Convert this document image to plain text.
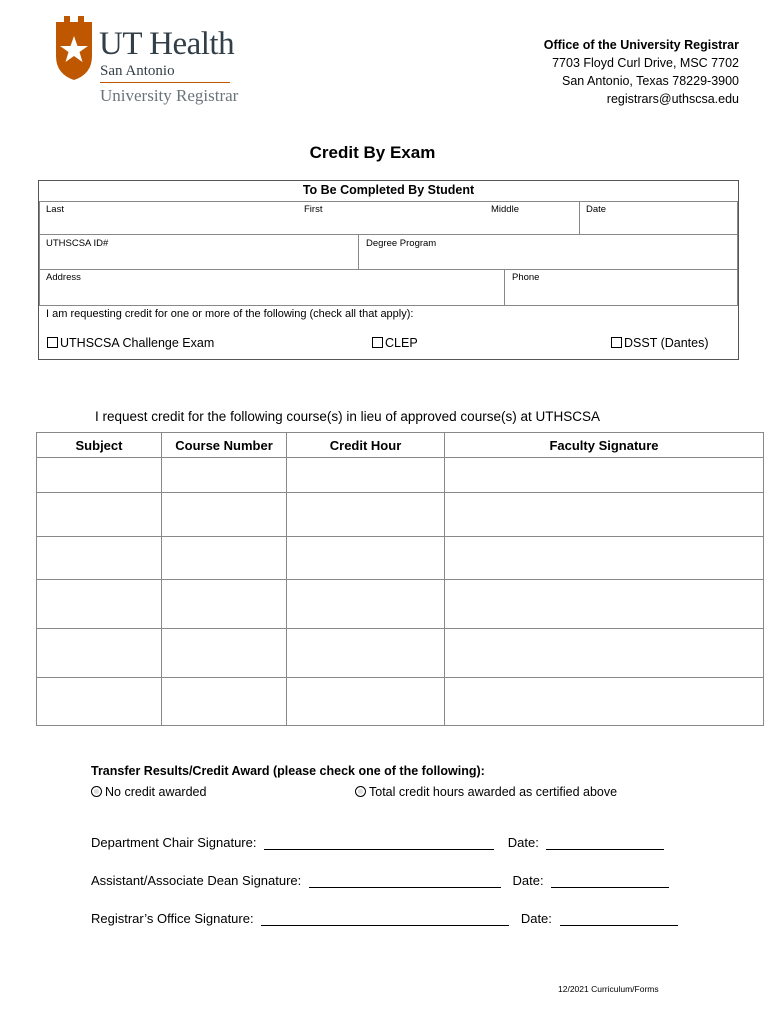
UT Health
San Antonio
University Registrar
Office of the University Registrar
7703 Floyd Curl Drive, MSC 7702
San Antonio, Texas 78229-3900
registrars@uthscsa.edu
Credit By Exam
To Be Completed By Student
Last	First	Middle	Date
UTHSCSA ID#	Degree Program
Address	Phone
I am requesting credit for one or more of the following (check all that apply):
UTHSCSA Challenge Exam	CLEP	DSST (Dantes)
I request credit for the following course(s) in lieu of approved course(s) at UTHSCSA
Subject	Course Number	Credit Hour	Faculty Signature

Transfer Results/Credit Award (please check one of the following):
No credit awarded	Total credit hours awarded as certified above
Department Chair Signature:	Date:
Assistant/Associate Dean Signature:	Date:
Registrar’s Office Signature:	Date:
12/2021 Curriculum/Forms
